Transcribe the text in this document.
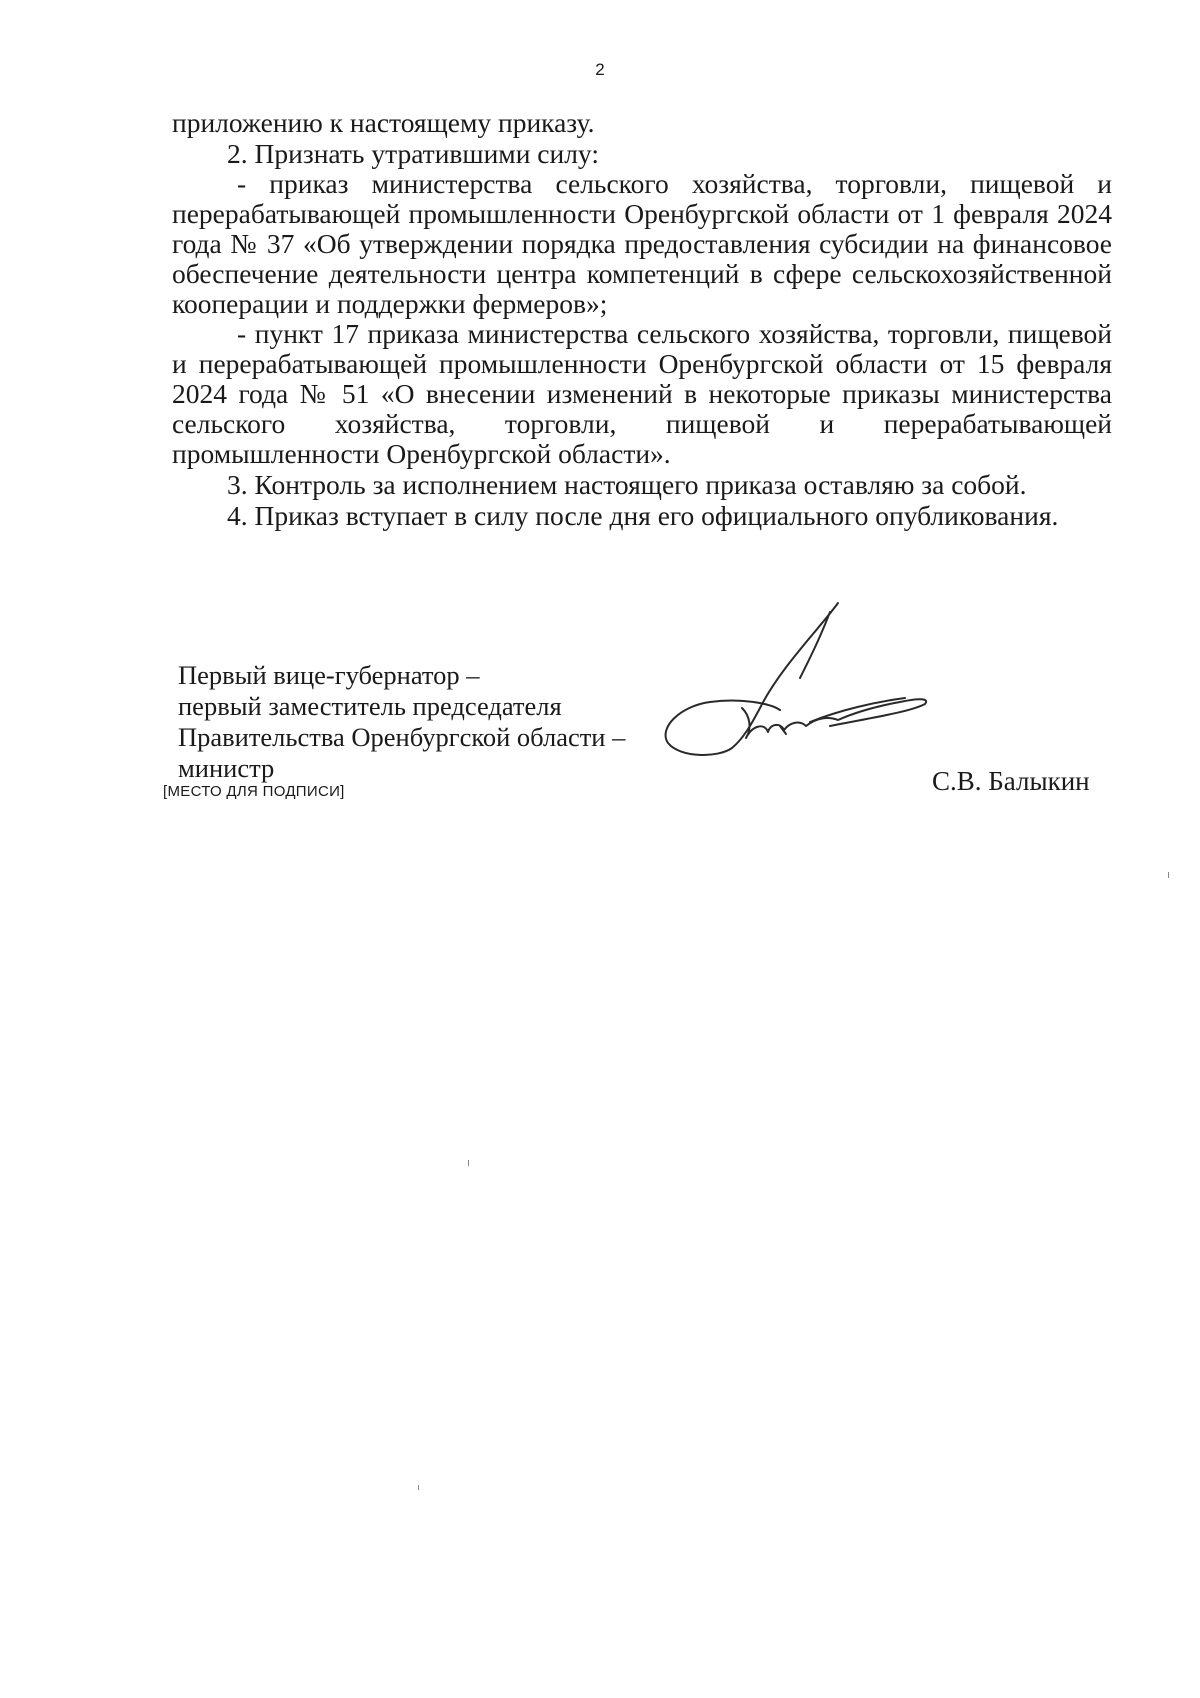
2

приложению к настоящему приказу.

2. Признать утратившими силу:

- приказ министерства сельского хозяйства, торговли, пищевой и перерабатывающей промышленности Оренбургской области от 1 февраля 2024 года № 37 «Об утверждении порядка предоставления субсидии на финансовое обеспечение деятельности центра компетенций в сфере сельскохозяйственной кооперации и поддержки фермеров»;

- пункт 17 приказа министерства сельского хозяйства, торговли, пищевой и перерабатывающей промышленности Оренбургской области от 15 февраля 2024 года № 51 «О внесении изменений в некоторые приказы министерства сельского хозяйства, торговли, пищевой и перерабатывающей промышленности Оренбургской области».

3. Контроль за исполнением настоящего приказа оставляю за собой.

4. Приказ вступает в силу после дня его официального опубликования.

Первый вице-губернатор –
первый заместитель председателя
Правительства Оренбургской области –
министр
[МЕСТО ДЛЯ ПОДПИСИ]	С.В. Балыкин
